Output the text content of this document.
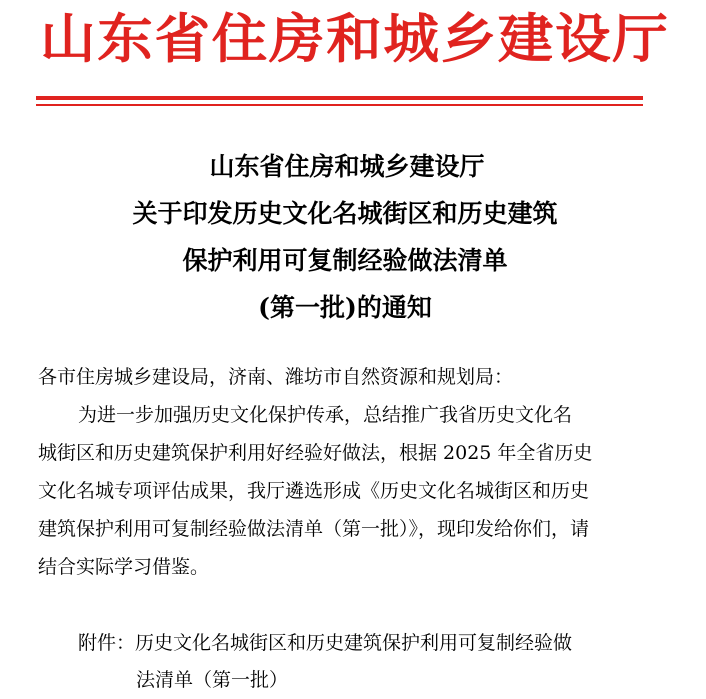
山东省住房和城乡建设厅
山东省住房和城乡建设厅
关于印发历史文化名城街区和历史建筑
保护利用可复制经验做法清单
(第一批)的通知
各市住房城乡建设局，济南、潍坊市自然资源和规划局：
为进一步加强历史文化保护传承，总结推广我省历史文化名
城街区和历史建筑保护利用好经验好做法，根据 2025 年全省历史
文化名城专项评估成果，我厅遴选形成《历史文化名城街区和历史
建筑保护利用可复制经验做法清单（第一批）》，现印发给你们，请
结合实际学习借鉴。
附件：历史文化名城街区和历史建筑保护利用可复制经验做
法清单（第一批）
